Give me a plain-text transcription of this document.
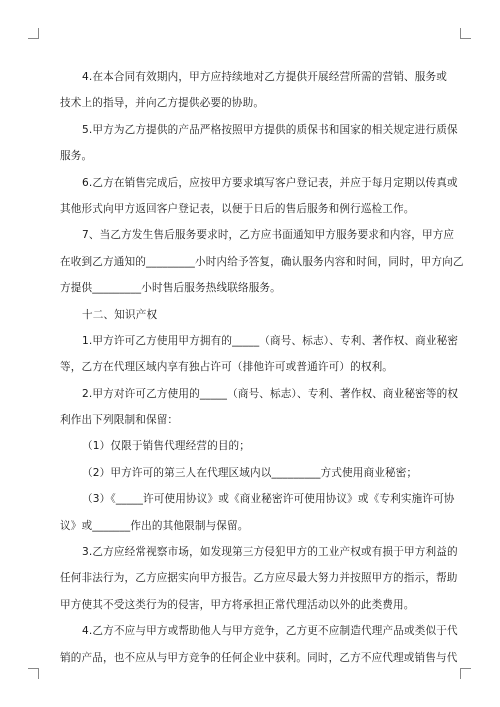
4.在本合同有效期内，甲方应持续地对乙方提供开展经营所需的营销、服务或
技术上的指导，并向乙方提供必要的协助。
5.甲方为乙方提供的产品严格按照甲方提供的质保书和国家的相关规定进行质保
服务。
6.乙方在销售完成后，应按甲方要求填写客户登记表，并应于每月定期以传真或
其他形式向甲方返回客户登记表，以便于日后的售后服务和例行巡检工作。
7、当乙方发生售后服务要求时，乙方应书面通知甲方服务要求和内容，甲方应
在收到乙方通知的_________小时内给予答复，确认服务内容和时间，同时，甲方向乙
方提供_________小时售后服务热线联络服务。
十二、知识产权
1.甲方许可乙方使用甲方拥有的_____（商号、标志）、专利、著作权、商业秘密
等，乙方在代理区域内享有独占许可（排他许可或普通许可）的权利。
2.甲方对许可乙方使用的_____（商号、标志）、专利、著作权、商业秘密等的权
利作出下列限制和保留：
（1）仅限于销售代理经营的目的；
（2）甲方许可的第三人在代理区域内以_________方式使用商业秘密；
（3）《_____许可使用协议》或《商业秘密许可使用协议》或《专利实施许可协
议》或_______作出的其他限制与保留。
3.乙方应经常视察市场，如发现第三方侵犯甲方的工业产权或有损于甲方利益的
任何非法行为，乙方应据实向甲方报告。乙方应尽最大努力并按照甲方的指示，帮助
甲方使其不受这类行为的侵害，甲方将承担正常代理活动以外的此类费用。
4.乙方不应与甲方或帮助他人与甲方竞争，乙方更不应制造代理产品或类似于代
销的产品，也不应从与甲方竞争的任何企业中获利。同时，乙方不应代理或销售与代
